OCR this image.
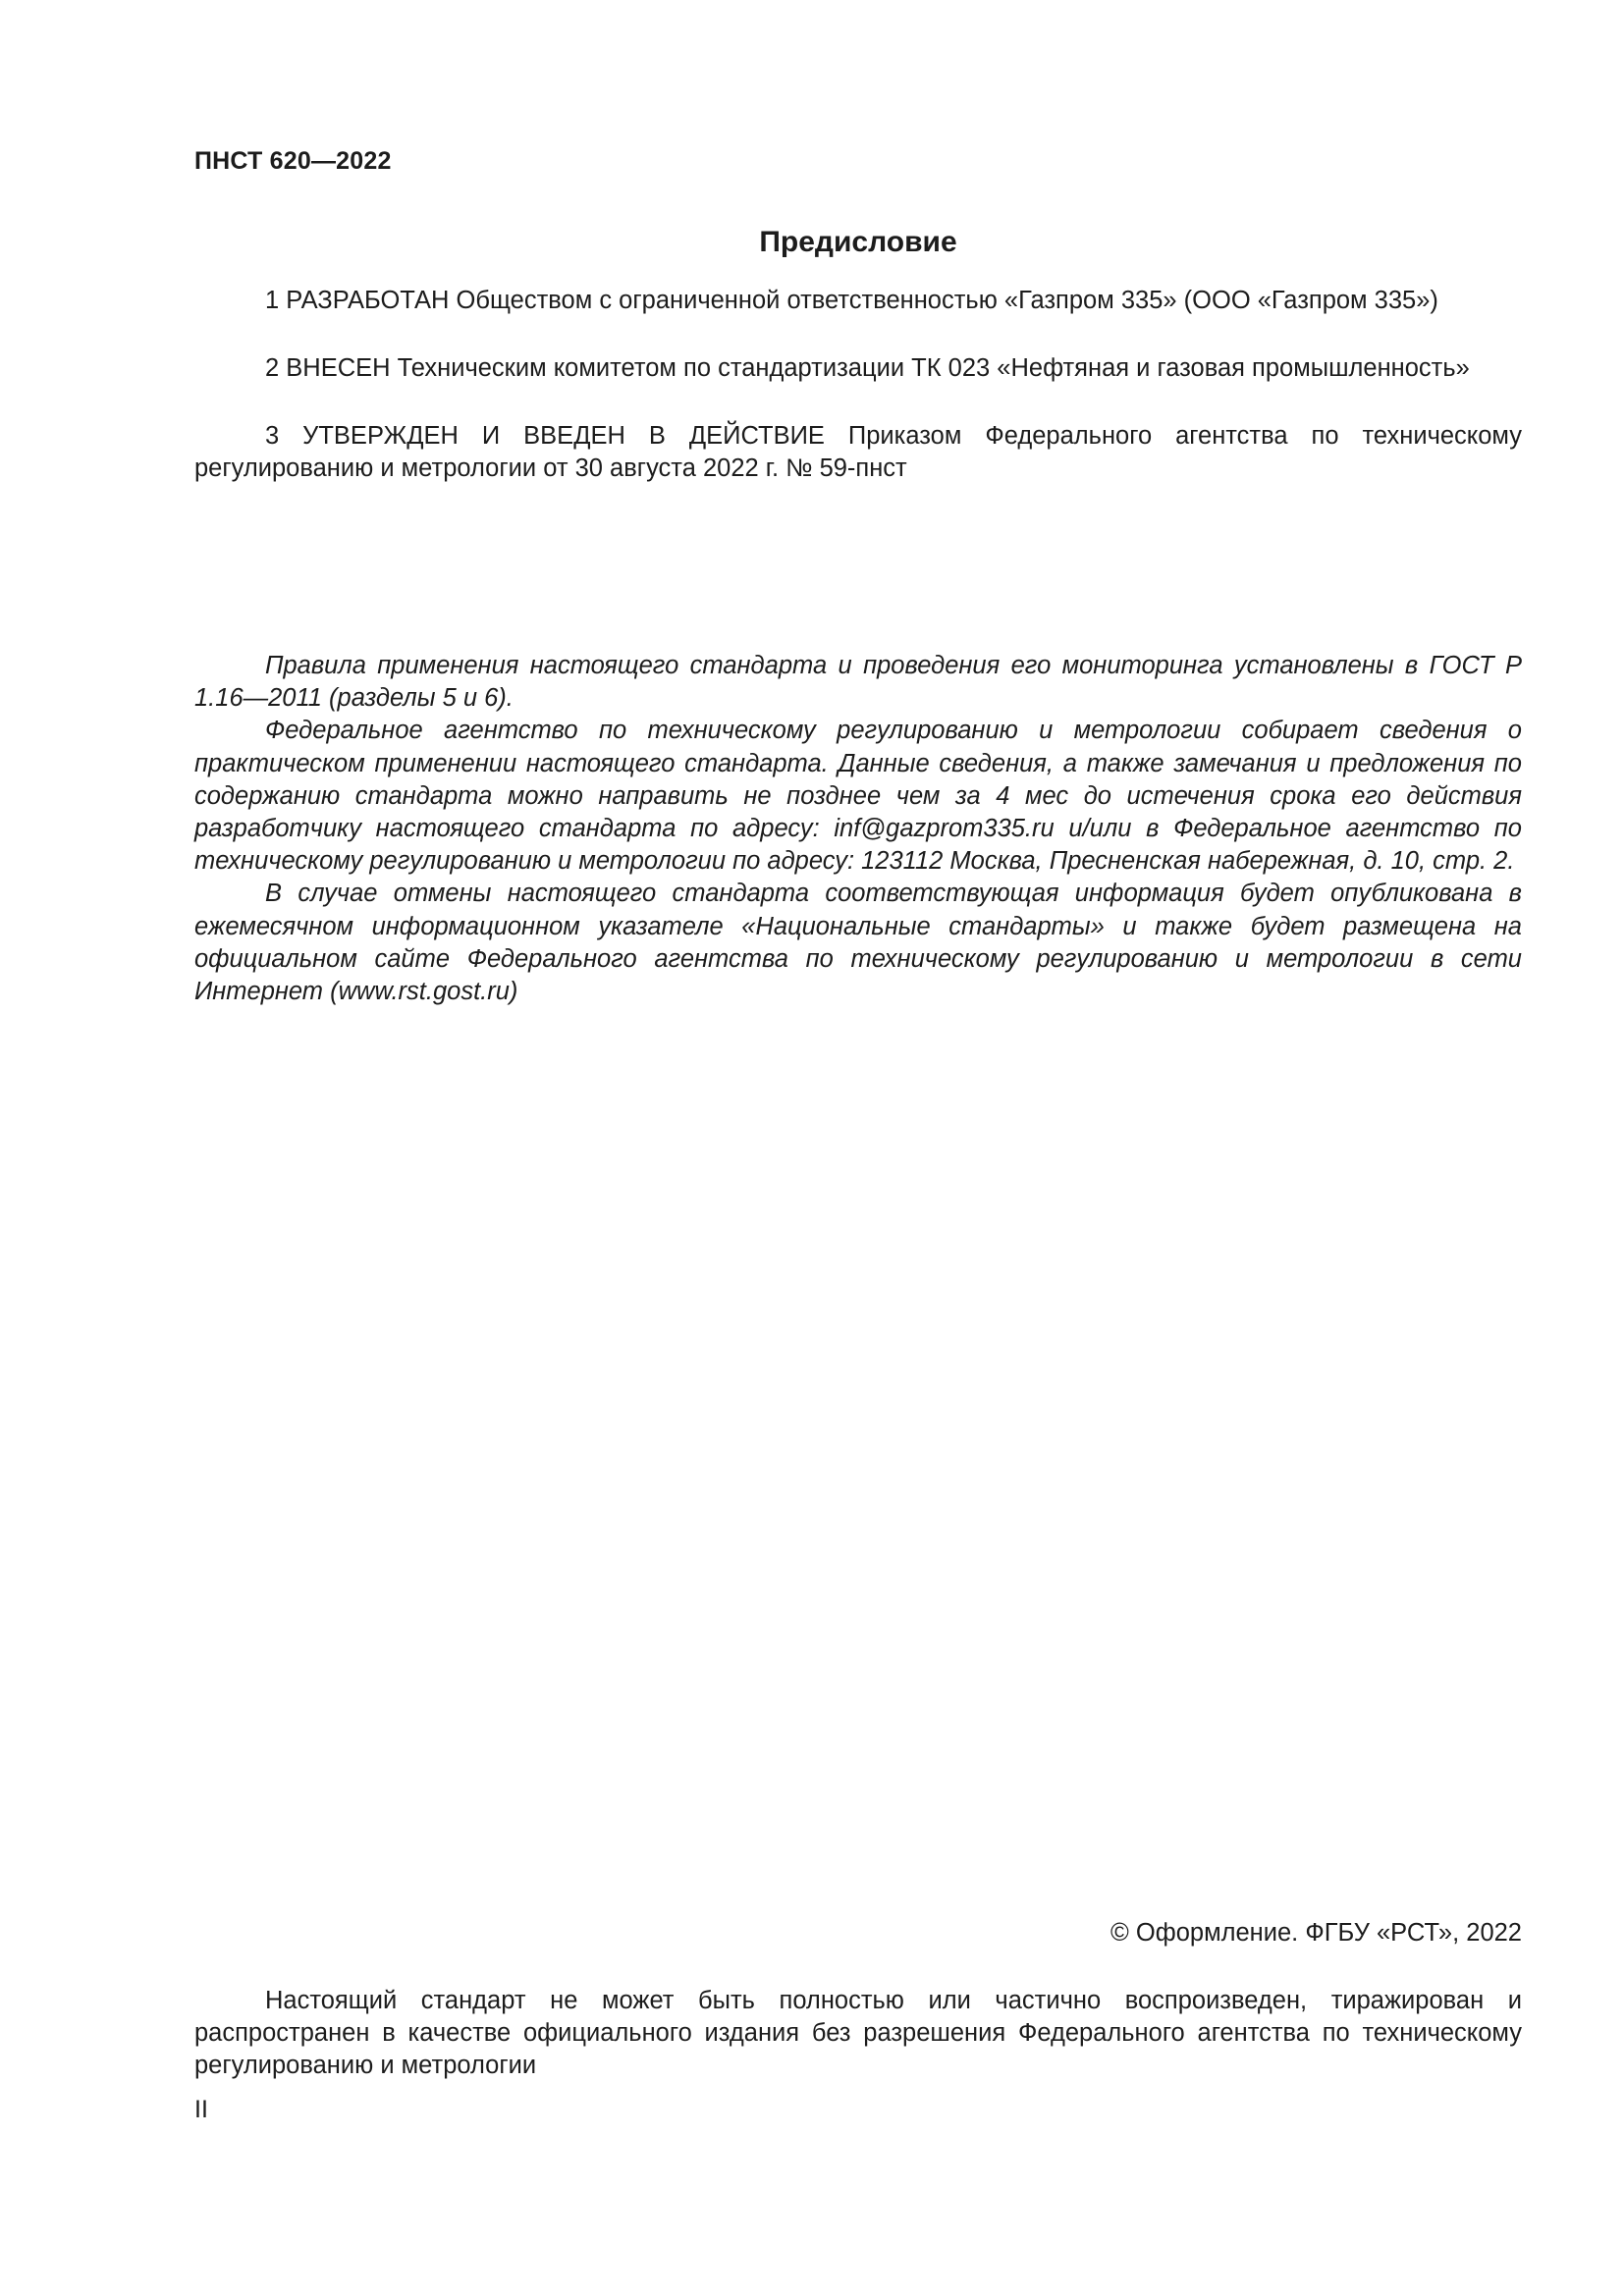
ПНСТ 620—2022
Предисловие

1 РАЗРАБОТАН Обществом с ограниченной ответственностью «Газпром 335» (ООО «Газпром 335»)

2 ВНЕСЕН Техническим комитетом по стандартизации ТК 023 «Нефтяная и газовая промышленность»

3 УТВЕРЖДЕН И ВВЕДЕН В ДЕЙСТВИЕ Приказом Федерального агентства по техническому регулированию и метрологии от 30 августа 2022 г. № 59-пнст

Правила применения настоящего стандарта и проведения его мониторинга установлены в ГОСТ Р 1.16—2011 (разделы 5 и 6).

Федеральное агентство по техническому регулированию и метрологии собирает сведения о практическом применении настоящего стандарта. Данные сведения, а также замечания и предложения по содержанию стандарта можно направить не позднее чем за 4 мес до истечения срока его действия разработчику настоящего стандарта по адресу: inf@gazprom335.ru и/или в Федеральное агентство по техническому регулированию и метрологии по адресу: 123112 Москва, Пресненская набережная, д. 10, стр. 2.

В случае отмены настоящего стандарта соответствующая информация будет опубликована в ежемесячном информационном указателе «Национальные стандарты» и также будет размещена на официальном сайте Федерального агентства по техническому регулированию и метрологии в сети Интернет (www.rst.gost.ru)

© Оформление. ФГБУ «РСТ», 2022

Настоящий стандарт не может быть полностью или частично воспроизведен, тиражирован и распространен в качестве официального издания без разрешения Федерального агентства по техническому регулированию и метрологии

II
